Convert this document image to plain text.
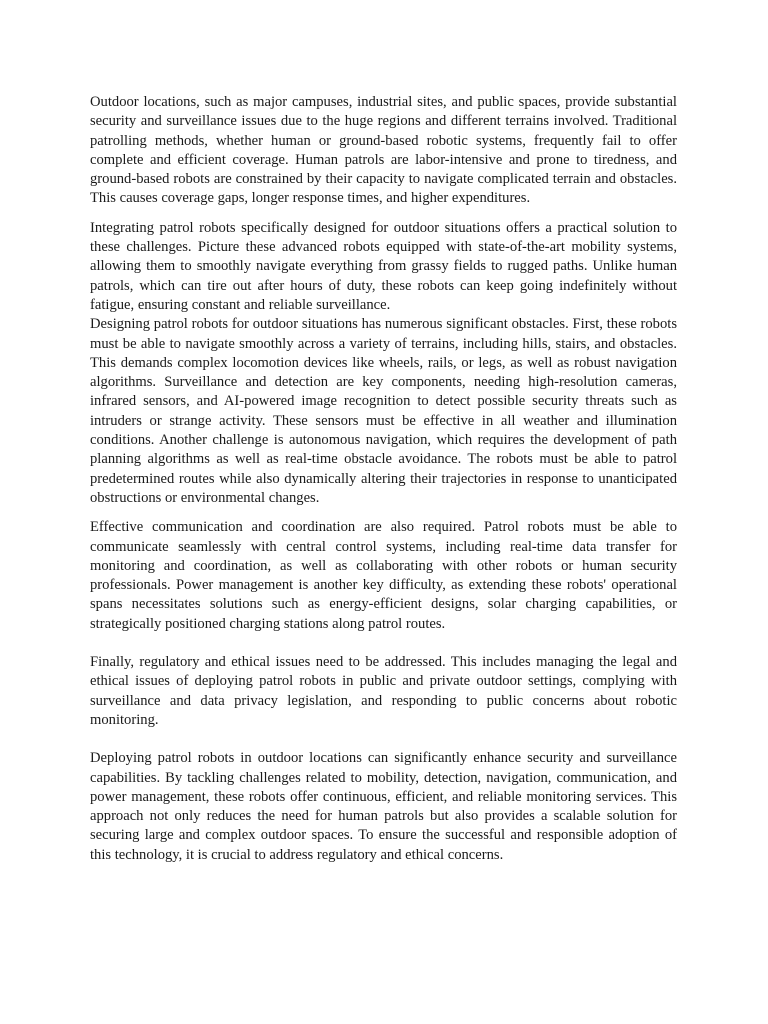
Outdoor locations, such as major campuses, industrial sites, and public spaces, provide substantial security and surveillance issues due to the huge regions and different terrains involved. Traditional patrolling methods, whether human or ground-based robotic systems, frequently fail to offer complete and efficient coverage. Human patrols are labor-intensive and prone to tiredness, and ground-based robots are constrained by their capacity to navigate complicated terrain and obstacles. This causes coverage gaps, longer response times, and higher expenditures.

Integrating patrol robots specifically designed for outdoor situations offers a practical solution to these challenges. Picture these advanced robots equipped with state-of-the-art mobility systems, allowing them to smoothly navigate everything from grassy fields to rugged paths. Unlike human patrols, which can tire out after hours of duty, these robots can keep going indefinitely without fatigue, ensuring constant and reliable surveillance.

Designing patrol robots for outdoor situations has numerous significant obstacles. First, these robots must be able to navigate smoothly across a variety of terrains, including hills, stairs, and obstacles. This demands complex locomotion devices like wheels, rails, or legs, as well as robust navigation algorithms. Surveillance and detection are key components, needing high-resolution cameras, infrared sensors, and AI-powered image recognition to detect possible security threats such as intruders or strange activity. These sensors must be effective in all weather and illumination conditions. Another challenge is autonomous navigation, which requires the development of path planning algorithms as well as real-time obstacle avoidance. The robots must be able to patrol predetermined routes while also dynamically altering their trajectories in response to unanticipated obstructions or environmental changes.

Effective communication and coordination are also required. Patrol robots must be able to communicate seamlessly with central control systems, including real-time data transfer for monitoring and coordination, as well as collaborating with other robots or human security professionals. Power management is another key difficulty, as extending these robots' operational spans necessitates solutions such as energy-efficient designs, solar charging capabilities, or strategically positioned charging stations along patrol routes.

Finally, regulatory and ethical issues need to be addressed. This includes managing the legal and ethical issues of deploying patrol robots in public and private outdoor settings, complying with surveillance and data privacy legislation, and responding to public concerns about robotic monitoring.

Deploying patrol robots in outdoor locations can significantly enhance security and surveillance capabilities. By tackling challenges related to mobility, detection, navigation, communication, and power management, these robots offer continuous, efficient, and reliable monitoring services. This approach not only reduces the need for human patrols but also provides a scalable solution for securing large and complex outdoor spaces. To ensure the successful and responsible adoption of this technology, it is crucial to address regulatory and ethical concerns.
